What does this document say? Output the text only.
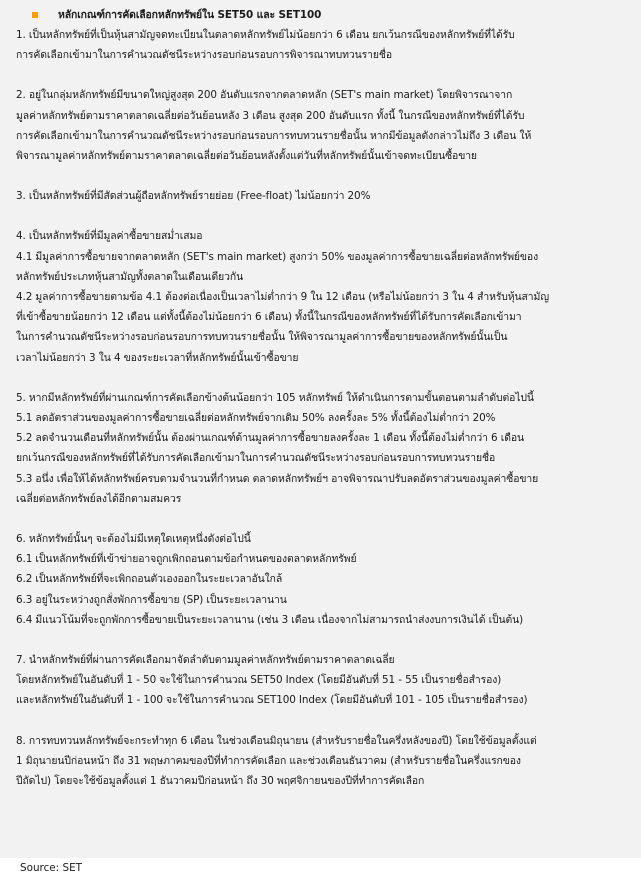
หลักเกณฑ์การคัดเลือกหลักทรัพย์ใน SET50 และ SET100

1. เป็นหลักทรัพย์ที่เป็นหุ้นสามัญจดทะเบียนในตลาดหลักทรัพย์ไม่น้อยกว่า 6 เดือน ยกเว้นกรณีของหลักทรัพย์ที่ได้รับ

การคัดเลือกเข้ามาในการคำนวณดัชนีระหว่างรอบก่อนรอบการพิจารณาทบทวนรายชื่อ

2. อยู่ในกลุ่มหลักทรัพย์มีขนาดใหญ่สูงสุด 200 อันดับแรกจากตลาดหลัก (SET's main market) โดยพิจารณาจาก

มูลค่าหลักทรัพย์ตามราคาตลาดเฉลี่ยต่อวันย้อนหลัง 3 เดือน สูงสุด 200 อันดับแรก ทั้งนี้ ในกรณีของหลักทรัพย์ที่ได้รับ

การคัดเลือกเข้ามาในการคำนวณดัชนีระหว่างรอบก่อนรอบการทบทวนรายชื่อนั้น หากมีข้อมูลดังกล่าวไม่ถึง 3 เดือน ให้

พิจารณามูลค่าหลักทรัพย์ตามราคาตลาดเฉลี่ยต่อวันย้อนหลังตั้งแต่วันที่หลักทรัพย์นั้นเข้าจดทะเบียนซื้อขาย

3. เป็นหลักทรัพย์ที่มีสัดส่วนผู้ถือหลักทรัพย์รายย่อย (Free-float) ไม่น้อยกว่า 20%

4. เป็นหลักทรัพย์ที่มีมูลค่าซื้อขายสม่ำเสมอ

4.1 มีมูลค่าการซื้อขายจากตลาดหลัก (SET's main market) สูงกว่า 50% ของมูลค่าการซื้อขายเฉลี่ยต่อหลักทรัพย์ของ

หลักทรัพย์ประเภทหุ้นสามัญทั้งตลาดในเดือนเดียวกัน

4.2 มูลค่าการซื้อขายตามข้อ 4.1 ต้องต่อเนื่องเป็นเวลาไม่ต่ำกว่า 9 ใน 12 เดือน (หรือไม่น้อยกว่า 3 ใน 4 สำหรับหุ้นสามัญ

ที่เข้าซื้อขายน้อยกว่า 12 เดือน แต่ทั้งนี้ต้องไม่น้อยกว่า 6 เดือน) ทั้งนี้ในกรณีของหลักทรัพย์ที่ได้รับการคัดเลือกเข้ามา

ในการคำนวณดัชนีระหว่างรอบก่อนรอบการทบทวนรายชื่อนั้น ให้พิจารณามูลค่าการซื้อขายของหลักทรัพย์นั้นเป็น

เวลาไม่น้อยกว่า 3 ใน 4 ของระยะเวลาที่หลักทรัพย์นั้นเข้าซื้อขาย

5. หากมีหลักทรัพย์ที่ผ่านเกณฑ์การคัดเลือกข้างต้นน้อยกว่า 105 หลักทรัพย์ ให้ดำเนินการตามขั้นตอนตามลำดับต่อไปนี้

5.1 ลดอัตราส่วนของมูลค่าการซื้อขายเฉลี่ยต่อหลักทรัพย์จากเดิม 50% ลงครั้งละ 5% ทั้งนี้ต้องไม่ต่ำกว่า 20%

5.2 ลดจำนวนเดือนที่หลักทรัพย์นั้น ต้องผ่านเกณฑ์ด้านมูลค่าการซื้อขายลงครั้งละ 1 เดือน ทั้งนี้ต้องไม่ต่ำกว่า 6 เดือน

ยกเว้นกรณีของหลักทรัพย์ที่ได้รับการคัดเลือกเข้ามาในการคำนวณดัชนีระหว่างรอบก่อนรอบการทบทวนรายชื่อ

5.3 อนึ่ง เพื่อให้ได้หลักทรัพย์ครบตามจำนวนที่กำหนด ตลาดหลักทรัพย์ฯ อาจพิจารณาปรับลดอัตราส่วนของมูลค่าซื้อขาย

เฉลี่ยต่อหลักทรัพย์ลงได้อีกตามสมควร

6. หลักทรัพย์นั้นๆ จะต้องไม่มีเหตุใดเหตุหนึ่งดังต่อไปนี้

6.1 เป็นหลักทรัพย์ที่เข้าข่ายอาจถูกเพิกถอนตามข้อกำหนดของตลาดหลักทรัพย์

6.2 เป็นหลักทรัพย์ที่จะเพิกถอนตัวเองออกในระยะเวลาอันใกล้

6.3 อยู่ในระหว่างถูกสั่งพักการซื้อขาย (SP) เป็นระยะเวลานาน

6.4 มีแนวโน้มที่จะถูกพักการซื้อขายเป็นระยะเวลานาน (เช่น 3 เดือน เนื่องจากไม่สามารถนำส่งงบการเงินได้ เป็นต้น)

7. นำหลักทรัพย์ที่ผ่านการคัดเลือกมาจัดลำดับตามมูลค่าหลักทรัพย์ตามราคาตลาดเฉลี่ย

โดยหลักทรัพย์ในอันดับที่ 1 - 50 จะใช้ในการคำนวณ SET50 Index (โดยมีอันดับที่ 51 - 55 เป็นรายชื่อสำรอง)

และหลักทรัพย์ในอันดับที่ 1 - 100 จะใช้ในการคำนวณ SET100 Index (โดยมีอันดับที่ 101 - 105 เป็นรายชื่อสำรอง)

8. การทบทวนหลักทรัพย์จะกระทำทุก 6 เดือน ในช่วงเดือนมิถุนายน (สำหรับรายชื่อในครึ่งหลังของปี) โดยใช้ข้อมูลตั้งแต่

1 มิถุนายนปีก่อนหน้า ถึง 31 พฤษภาคมของปีที่ทำการคัดเลือก และช่วงเดือนธันวาคม (สำหรับรายชื่อในครึ่งแรกของ

ปีถัดไป) โดยจะใช้ข้อมูลตั้งแต่ 1 ธันวาคมปีก่อนหน้า ถึง 30 พฤศจิกายนของปีที่ทำการคัดเลือก

Source: SET
